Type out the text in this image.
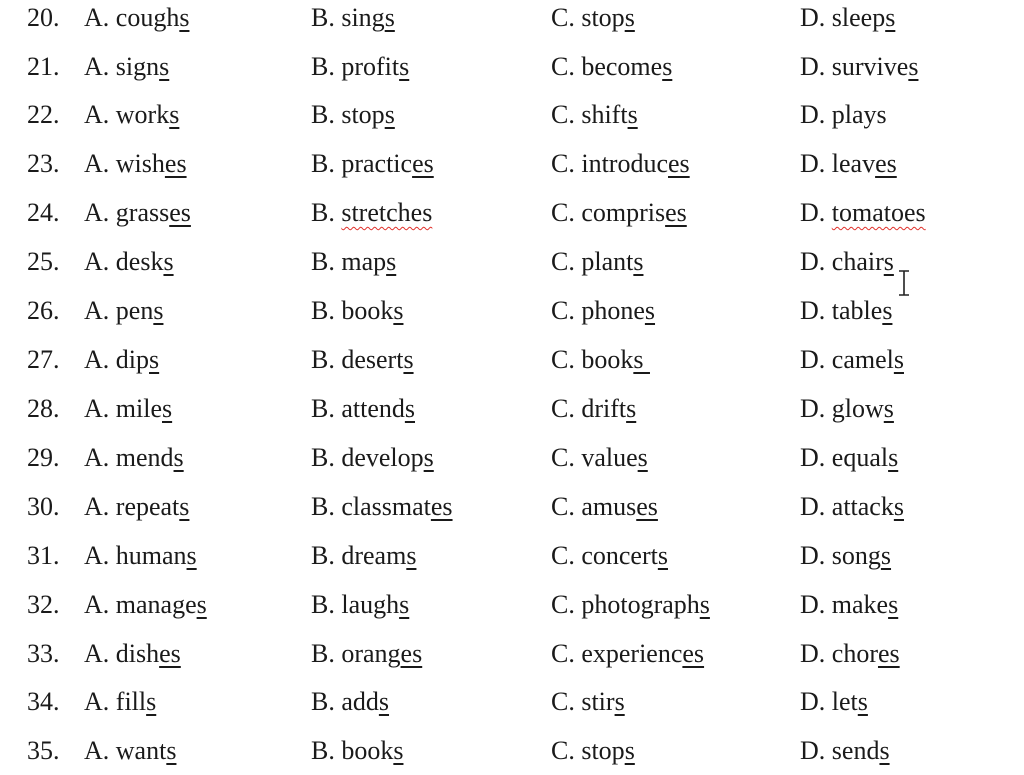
20. A. coughs	B. sings	C. stops	D. sleeps
21. A. signs	B. profits	C. becomes	D. survives
22. A. works	B. stops	C. shifts	D. plays
23. A. wishes	B. practices	C. introduces	D. leaves
24. A. grasses	B. stretches	C. comprises	D. tomatoes
25. A. desks	B. maps	C. plants	D. chairs
26. A. pens	B. books	C. phones	D. tables
27. A. dips	B. deserts	C. books	D. camels
28. A. miles	B. attends	C. drifts	D. glows
29. A. mends	B. develops	C. values	D. equals
30. A. repeats	B. classmates	C. amuses	D. attacks
31. A. humans	B. dreams	C. concerts	D. songs
32. A. manages	B. laughs	C. photographs	D. makes
33. A. dishes	B. oranges	C. experiences	D. chores
34. A. fills	B. adds	C. stirs	D. lets
35. A. wants	B. books	C. stops	D. sends
